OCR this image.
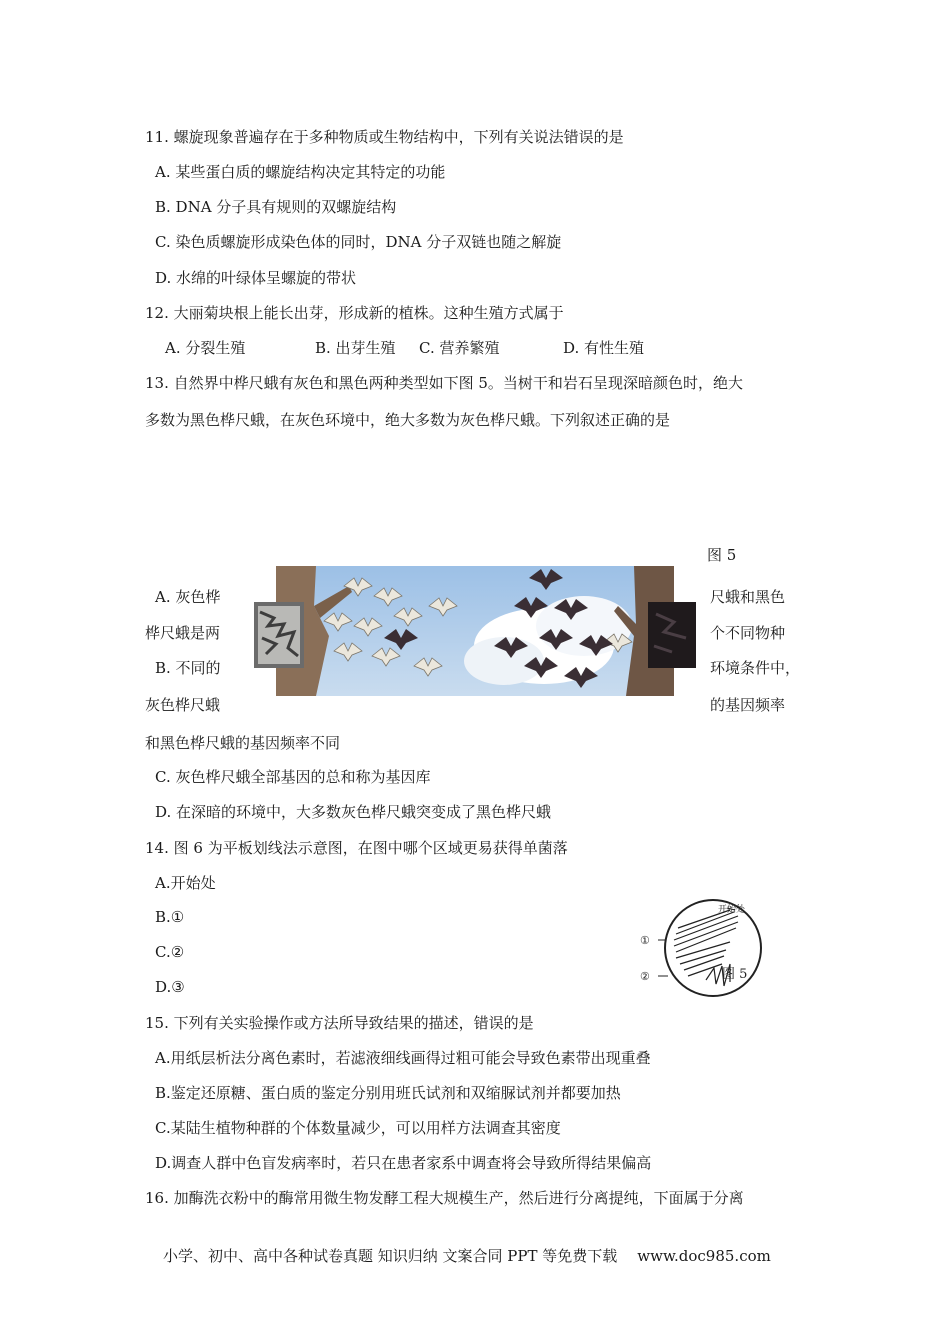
11. 螺旋现象普遍存在于多种物质或生物结构中，下列有关说法错误的是
A. 某些蛋白质的螺旋结构决定其特定的功能
B. DNA 分子具有规则的双螺旋结构
C. 染色质螺旋形成染色体的同时，DNA 分子双链也随之解旋
D. 水绵的叶绿体呈螺旋的带状
12. 大丽菊块根上能长出芽，形成新的植株。这种生殖方式属于
A. 分裂生殖	B. 出芽生殖 C. 营养繁殖	D. 有性生殖
13. 自然界中桦尺蛾有灰色和黑色两种类型如下图 5。当树干和岩石呈现深暗颜色时，绝大
多数为黑色桦尺蛾，在灰色环境中，绝大多数为灰色桦尺蛾。下列叙述正确的是
图 5
A. 灰色桦	尺蛾和黑色
桦尺蛾是两	个不同物种
B. 不同的	环境条件中，
灰色桦尺蛾	的基因频率
和黑色桦尺蛾的基因频率不同
C. 灰色桦尺蛾全部基因的总和称为基因库
D. 在深暗的环境中，大多数灰色桦尺蛾突变成了黑色桦尺蛾
14. 图 6 为平板划线法示意图，在图中哪个区域更易获得单菌落
A.开始处
B.①
C.②
D.③
开始处
①
②	图 5
15. 下列有关实验操作或方法所导致结果的描述，错误的是
A.用纸层析法分离色素时，若滤液细线画得过粗可能会导致色素带出现重叠
B.鉴定还原糖、蛋白质的鉴定分别用班氏试剂和双缩脲试剂并都要加热
C.某陆生植物种群的个体数量减少，可以用样方法调查其密度
D.调查人群中色盲发病率时，若只在患者家系中调查将会导致所得结果偏高
16. 加酶洗衣粉中的酶常用微生物发酵工程大规模生产，然后进行分离提纯，下面属于分离
小学、初中、高中各种试卷真题 知识归纳 文案合同 PPT 等免费下载 www.doc985.com
